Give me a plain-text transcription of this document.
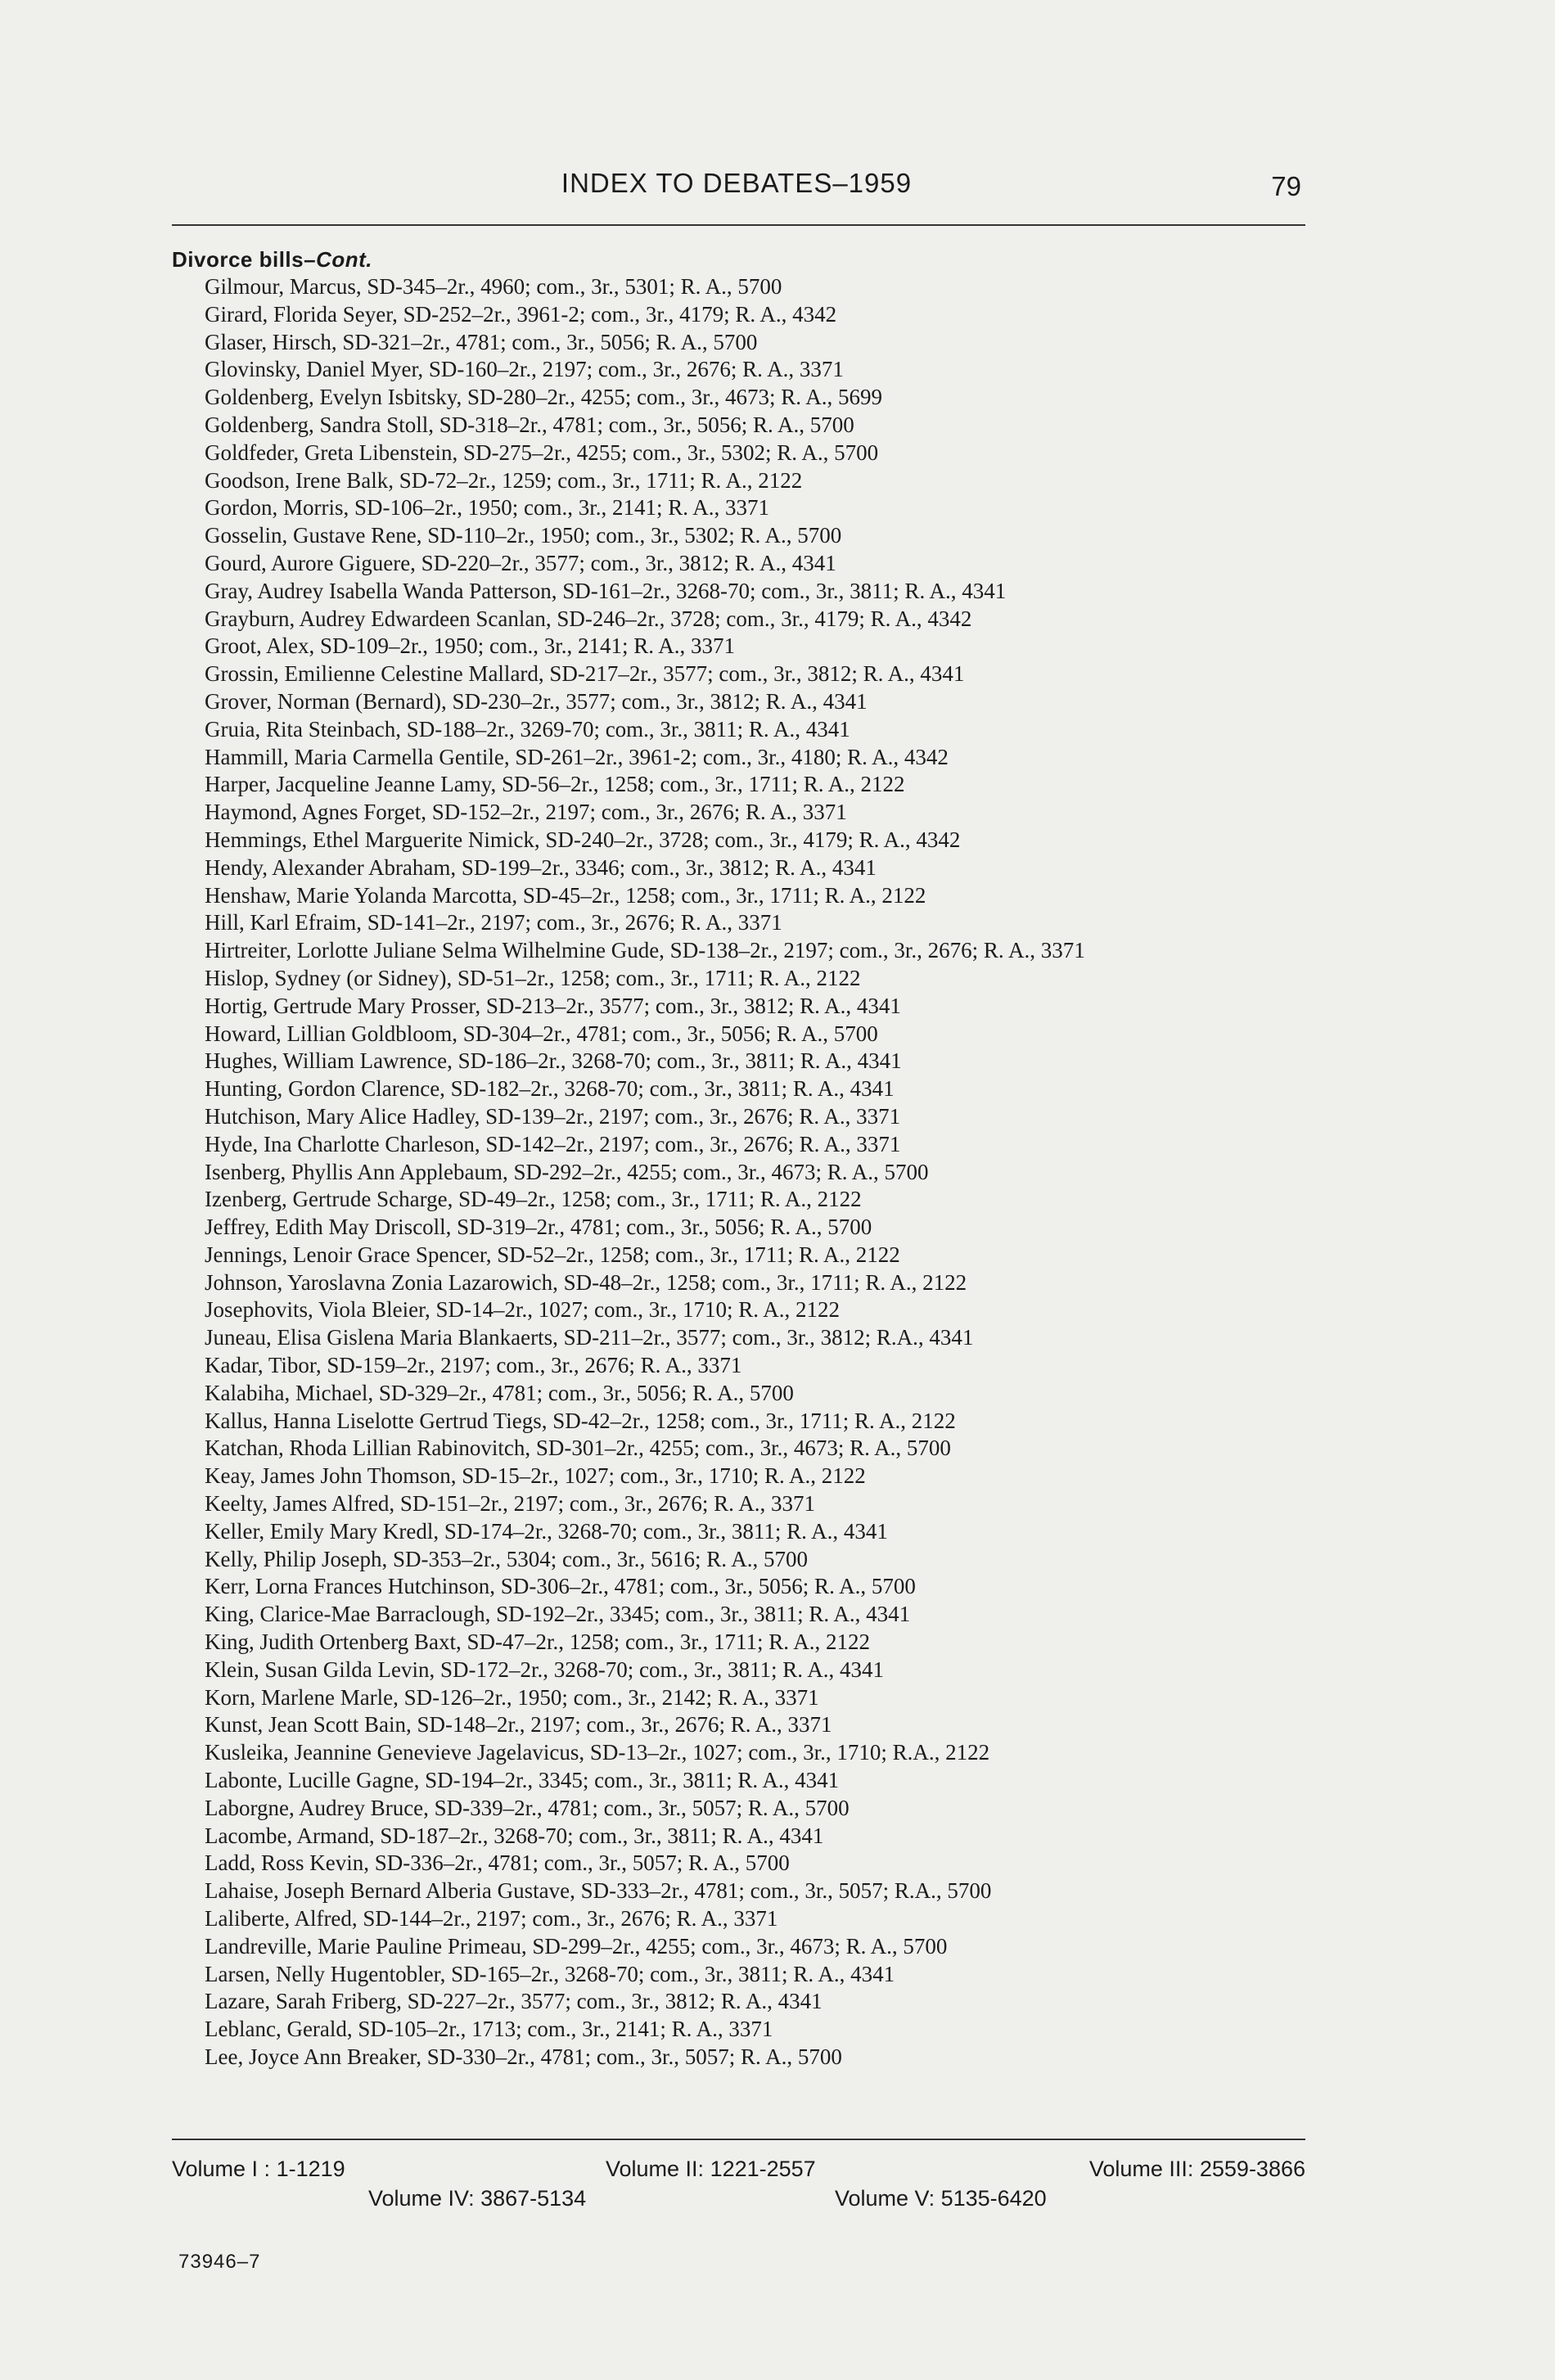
INDEX TO DEBATES–1959	79
Divorce bills–Cont.
Gilmour, Marcus, SD-345–2r., 4960; com., 3r., 5301; R. A., 5700
Girard, Florida Seyer, SD-252–2r., 3961-2; com., 3r., 4179; R. A., 4342
Glaser, Hirsch, SD-321–2r., 4781; com., 3r., 5056; R. A., 5700
Glovinsky, Daniel Myer, SD-160–2r., 2197; com., 3r., 2676; R. A., 3371
Goldenberg, Evelyn Isbitsky, SD-280–2r., 4255; com., 3r., 4673; R. A., 5699
Goldenberg, Sandra Stoll, SD-318–2r., 4781; com., 3r., 5056; R. A., 5700
Goldfeder, Greta Libenstein, SD-275–2r., 4255; com., 3r., 5302; R. A., 5700
Goodson, Irene Balk, SD-72–2r., 1259; com., 3r., 1711; R. A., 2122
Gordon, Morris, SD-106–2r., 1950; com., 3r., 2141; R. A., 3371
Gosselin, Gustave Rene, SD-110–2r., 1950; com., 3r., 5302; R. A., 5700
Gourd, Aurore Giguere, SD-220–2r., 3577; com., 3r., 3812; R. A., 4341
Gray, Audrey Isabella Wanda Patterson, SD-161–2r., 3268-70; com., 3r., 3811; R. A., 4341
Grayburn, Audrey Edwardeen Scanlan, SD-246–2r., 3728; com., 3r., 4179; R. A., 4342
Groot, Alex, SD-109–2r., 1950; com., 3r., 2141; R. A., 3371
Grossin, Emilienne Celestine Mallard, SD-217–2r., 3577; com., 3r., 3812; R. A., 4341
Grover, Norman (Bernard), SD-230–2r., 3577; com., 3r., 3812; R. A., 4341
Gruia, Rita Steinbach, SD-188–2r., 3269-70; com., 3r., 3811; R. A., 4341
Hammill, Maria Carmella Gentile, SD-261–2r., 3961-2; com., 3r., 4180; R. A., 4342
Harper, Jacqueline Jeanne Lamy, SD-56–2r., 1258; com., 3r., 1711; R. A., 2122
Haymond, Agnes Forget, SD-152–2r., 2197; com., 3r., 2676; R. A., 3371
Hemmings, Ethel Marguerite Nimick, SD-240–2r., 3728; com., 3r., 4179; R. A., 4342
Hendy, Alexander Abraham, SD-199–2r., 3346; com., 3r., 3812; R. A., 4341
Henshaw, Marie Yolanda Marcotta, SD-45–2r., 1258; com., 3r., 1711; R. A., 2122
Hill, Karl Efraim, SD-141–2r., 2197; com., 3r., 2676; R. A., 3371
Hirtreiter, Lorlotte Juliane Selma Wilhelmine Gude, SD-138–2r., 2197; com., 3r., 2676; R. A., 3371
Hislop, Sydney (or Sidney), SD-51–2r., 1258; com., 3r., 1711; R. A., 2122
Hortig, Gertrude Mary Prosser, SD-213–2r., 3577; com., 3r., 3812; R. A., 4341
Howard, Lillian Goldbloom, SD-304–2r., 4781; com., 3r., 5056; R. A., 5700
Hughes, William Lawrence, SD-186–2r., 3268-70; com., 3r., 3811; R. A., 4341
Hunting, Gordon Clarence, SD-182–2r., 3268-70; com., 3r., 3811; R. A., 4341
Hutchison, Mary Alice Hadley, SD-139–2r., 2197; com., 3r., 2676; R. A., 3371
Hyde, Ina Charlotte Charleson, SD-142–2r., 2197; com., 3r., 2676; R. A., 3371
Isenberg, Phyllis Ann Applebaum, SD-292–2r., 4255; com., 3r., 4673; R. A., 5700
Izenberg, Gertrude Scharge, SD-49–2r., 1258; com., 3r., 1711; R. A., 2122
Jeffrey, Edith May Driscoll, SD-319–2r., 4781; com., 3r., 5056; R. A., 5700
Jennings, Lenoir Grace Spencer, SD-52–2r., 1258; com., 3r., 1711; R. A., 2122
Johnson, Yaroslavna Zonia Lazarowich, SD-48–2r., 1258; com., 3r., 1711; R. A., 2122
Josephovits, Viola Bleier, SD-14–2r., 1027; com., 3r., 1710; R. A., 2122
Juneau, Elisa Gislena Maria Blankaerts, SD-211–2r., 3577; com., 3r., 3812; R.A., 4341
Kadar, Tibor, SD-159–2r., 2197; com., 3r., 2676; R. A., 3371
Kalabiha, Michael, SD-329–2r., 4781; com., 3r., 5056; R. A., 5700
Kallus, Hanna Liselotte Gertrud Tiegs, SD-42–2r., 1258; com., 3r., 1711; R. A., 2122
Katchan, Rhoda Lillian Rabinovitch, SD-301–2r., 4255; com., 3r., 4673; R. A., 5700
Keay, James John Thomson, SD-15–2r., 1027; com., 3r., 1710; R. A., 2122
Keelty, James Alfred, SD-151–2r., 2197; com., 3r., 2676; R. A., 3371
Keller, Emily Mary Kredl, SD-174–2r., 3268-70; com., 3r., 3811; R. A., 4341
Kelly, Philip Joseph, SD-353–2r., 5304; com., 3r., 5616; R. A., 5700
Kerr, Lorna Frances Hutchinson, SD-306–2r., 4781; com., 3r., 5056; R. A., 5700
King, Clarice-Mae Barraclough, SD-192–2r., 3345; com., 3r., 3811; R. A., 4341
King, Judith Ortenberg Baxt, SD-47–2r., 1258; com., 3r., 1711; R. A., 2122
Klein, Susan Gilda Levin, SD-172–2r., 3268-70; com., 3r., 3811; R. A., 4341
Korn, Marlene Marle, SD-126–2r., 1950; com., 3r., 2142; R. A., 3371
Kunst, Jean Scott Bain, SD-148–2r., 2197; com., 3r., 2676; R. A., 3371
Kusleika, Jeannine Genevieve Jagelavicus, SD-13–2r., 1027; com., 3r., 1710; R.A., 2122
Labonte, Lucille Gagne, SD-194–2r., 3345; com., 3r., 3811; R. A., 4341
Laborgne, Audrey Bruce, SD-339–2r., 4781; com., 3r., 5057; R. A., 5700
Lacombe, Armand, SD-187–2r., 3268-70; com., 3r., 3811; R. A., 4341
Ladd, Ross Kevin, SD-336–2r., 4781; com., 3r., 5057; R. A., 5700
Lahaise, Joseph Bernard Alberia Gustave, SD-333–2r., 4781; com., 3r., 5057; R.A., 5700
Laliberte, Alfred, SD-144–2r., 2197; com., 3r., 2676; R. A., 3371
Landreville, Marie Pauline Primeau, SD-299–2r., 4255; com., 3r., 4673; R. A., 5700
Larsen, Nelly Hugentobler, SD-165–2r., 3268-70; com., 3r., 3811; R. A., 4341
Lazare, Sarah Friberg, SD-227–2r., 3577; com., 3r., 3812; R. A., 4341
Leblanc, Gerald, SD-105–2r., 1713; com., 3r., 2141; R. A., 3371
Lee, Joyce Ann Breaker, SD-330–2r., 4781; com., 3r., 5057; R. A., 5700
Volume I : 1-1219	Volume II: 1221-2557	Volume III: 2559-3866
Volume IV: 3867-5134	Volume V: 5135-6420
73946–7
